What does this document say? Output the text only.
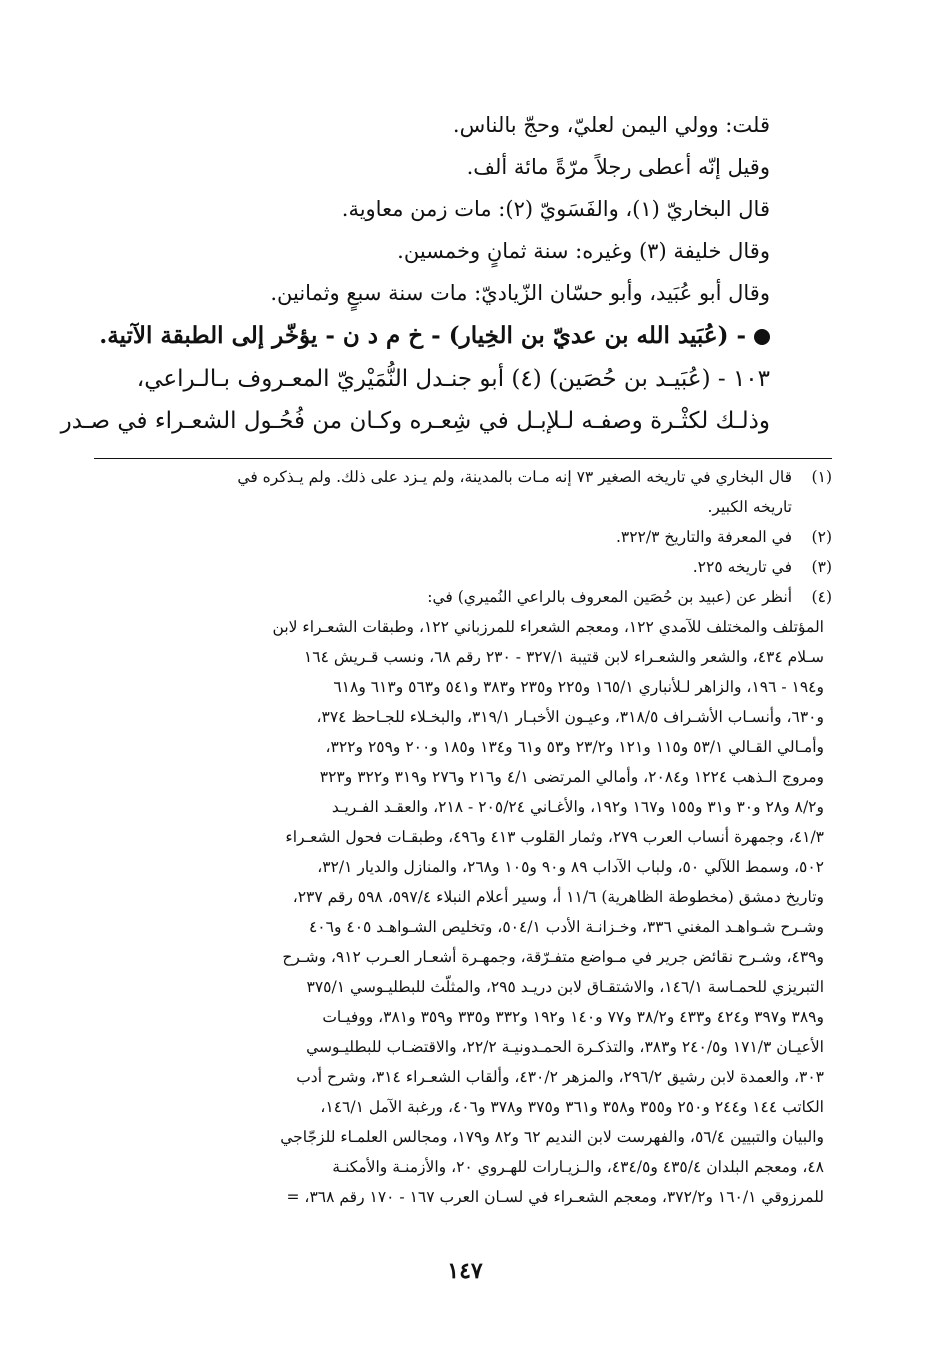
قلت: وولي اليمن لعليّ، وحجّ بالناس.
وقيل إنّه أعطى رجلاً مرّةً مائة ألف.
قال البخاريّ (١)، والفَسَويّ (٢): مات زمن معاوية.
وقال خليفة (٣) وغيره: سنة ثمانٍ وخمسين.
وقال أبو عُبَيد، وأبو حسّان الزّياديّ: مات سنة سبعٍ وثمانين.
- (عُبَيد الله بن عديّ بن الخِيار) - خ م د ن - يؤخّر إلى الطبقة الآتية.
١٠٣ - (عُبَيـد بن حُصَين) (٤) أبو جنـدل النُّمَيْريّ المعـروف بـالـراعي،
وذلـك لكثْـرة وصفـه لـلإبـل في شِعـره وكـان من فُحُـول الشعـراء في صـدر
(١)قال البخاري في تاريخه الصغير ٧٣ إنه مـات بالمدينة، ولم يـزد على ذلك. ولم يـذكره في
تاريخه الكبير.
(٢)في المعرفة والتاريخ ٣٢٢/٣.
(٣)في تاريخه ٢٢٥.
(٤)أنظر عن (عبيد بن حُصَين المعروف بالراعي النُميري) في:
المؤتلف والمختلف للآمدي ١٢٢، ومعجم الشعراء للمرزباني ١٢٢، وطبقات الشعـراء لابن
سـلام ٤٣٤، والشعر والشعـراء لابن قتيبة ٣٢٧/١ - ٢٣٠ رقم ٦٨، ونسب قـريش ١٦٤
و١٩٤ - ١٩٦، والزاهر لـلأنباري ١٦٥/١ و٢٢٥ و٢٣٥ و٣٨٣ و٥٤١ و٥٦٣ و٦١٣ و٦١٨
و٦٣٠، وأنسـاب الأشـراف ٣١٨/٥، وعيـون الأخبـار ٣١٩/١، والبخـلاء للجـاحظ ٣٧٤،
وأمـالي القـالي ٥٣/١ و١١٥ و١٢١ و٢٣/٢ و٥٣ و٦١ و١٣٤ و١٨٥ و٢٠٠ و٢٥٩ و٣٢٢،
ومروج الـذهب ١٢٢٤ و٢٠٨٤، وأمالي المرتضى ٤/١ و٢١٦ و٢٧٦ و٣١٩ و٣٢٢ و٣٢٣
و٨/٢ و٢٨ و٣٠ و٣١ و١٥٥ و١٦٧ و١٩٢، والأغـاني ٢٠٥/٢٤ - ٢١٨، والعقـد الفـريـد
٤١/٣، وجمهرة أنساب العرب ٢٧٩، وثمار القلوب ٤١٣ و٤٩٦، وطبقـات فحول الشعـراء
٥٠٢، وسمط اللآلي ٥٠، ولباب الآداب ٨٩ و٩٠ و١٠٥ و٢٦٨، والمنازل والديار ٣٢/١،
وتاريخ دمشق (مخطوطة الظاهرية) ١١/٦ أ، وسير أعلام النبلاء ٥٩٧/٤، ٥٩٨ رقم ٢٣٧،
وشـرح شـواهـد المغني ٣٣٦، وخـزانـة الأدب ٥٠٤/١، وتخليص الشـواهـد ٤٠٥ و٤٠٦
و٤٣٩، وشـرح نقائض جرير في مـواضع متفـرّقة، وجمهـرة أشعـار العـرب ٩١٢، وشـرح
التبريزي للحمـاسة ١٤٦/١، والاشتقـاق لابن دريـد ٢٩٥، والمثلّث للبطليـوسي ٣٧٥/١
و٣٨٩ و٣٩٧ و٤٢٤ و٤٣٣ و٣٨/٢ و٧٧ و١٤٠ و١٩٢ و٣٣٢ و٣٣٥ و٣٥٩ و٣٨١، ووفيـات
الأعيـان ١٧١/٣ و٢٤٠/٥ و٣٨٣، والتذكـرة الحمـدونيـة ٢٢/٢، والاقتضـاب للبطليـوسي
٣٠٣، والعمدة لابن رشيق ٢٩٦/٢، والمزهر ٤٣٠/٢، وألقاب الشعـراء ٣١٤، وشرح أدب
الكاتب ١٤٤ و٢٤٤ و٢٥٠ و٣٥٥ و٣٥٨ و٣٦١ و٣٧٥ و٣٧٨ و٤٠٦، ورغبة الآمل ١٤٦/١،
والبيان والتبيين ٥٦/٤، والفهرست لابن النديم ٦٢ و٨٢ و١٧٩، ومجالس العلمـاء للزجّاجي
٤٨، ومعجم البلدان ٤٣٥/٤ و٤٣٤/٥، والـزيـارات للهـروي ٢٠، والأزمنـة والأمكنـة
للمرزوقي ١٦٠/١ و٣٧٢/٢، ومعجم الشعـراء في لسـان العرب ١٦٧ - ١٧٠ رقم ٣٦٨، =
١٤٧
